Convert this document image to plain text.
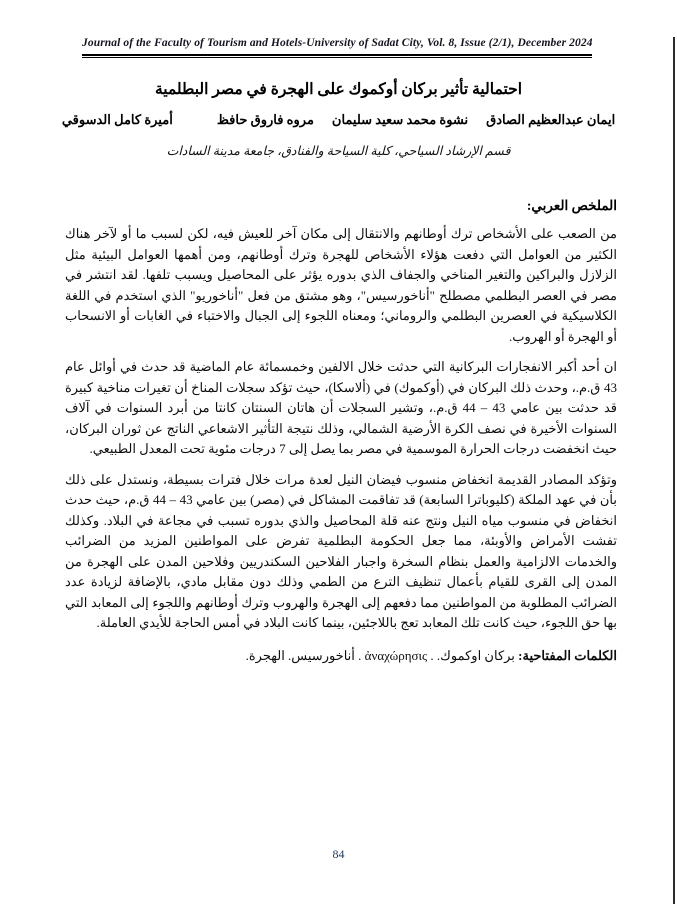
Journal of the Faculty of Tourism and Hotels-University of Sadat City, Vol. 8, Issue (2/1), December 2024
احتمالية تأثير بركان أوكموك على الهجرة في مصر البطلمية
ايمان عبدالعظيم الصادق
نشوة محمد سعيد سليمان
مروه فاروق حافظ
أميرة كامل الدسوقي
قسم الإرشاد السياحي، كلية السياحة والفنادق، جامعة مدينة السادات
الملخص العربي:

من الصعب على الأشخاص ترك أوطانهم والانتقال إلى مكان آخر للعيش فيه، لكن لسبب ما أو لآخر هناك الكثير من العوامل التي دفعت هؤلاء الأشخاص للهجرة وترك أوطانهم، ومن أهمها العوامل البيئية مثل الزلازل والبراكين والتغير المناخي والجفاف الذي بدوره يؤثر على المحاصيل ويسبب تلفها. لقد انتشر في مصر في العصر البطلمي مصطلح "أناخورسيس"، وهو مشتق من فعل "أناخوريو" الذي استخدم في اللغة الكلاسيكية في العصرين البطلمي والروماني؛ ومعناه اللجوء إلى الجبال والاختباء في الغابات أو الانسحاب أو الهجرة أو الهروب.

ان أحد أكبر الانفجارات البركانية التي حدثت خلال الالفين وخمسمائة عام الماضية قد حدث في أوائل عام 43 ق.م.، وحدث ذلك البركان في (أوكموك) في (ألاسكا)، حيث تؤكد سجلات المناخ أن تغيرات مناخية كبيرة قد حدثت بين عامي 43 – 44 ق.م.، وتشير السجلات أن هاتان السنتان كانتا من أبرد السنوات في آلاف السنوات الأخيرة في نصف الكرة الأرضية الشمالي، وذلك نتيجة التأثير الاشعاعي الناتج عن ثوران البركان، حيث انخفضت درجات الحرارة الموسمية في مصر بما يصل إلى 7 درجات مئوية تحت المعدل الطبيعي.

وتؤكد المصادر القديمة انخفاض منسوب فيضان النيل لعدة مرات خلال فترات بسيطة، ونستدل على ذلك بأن في عهد الملكة (كليوباترا السابعة) قد تفاقمت المشاكل في (مصر) بين عامي 43 – 44 ق.م، حيث حدث انخفاض في منسوب مياه النيل ونتج عنه قلة المحاصيل والذي بدوره تسبب في مجاعة في البلاد. وكذلك تفشت الأمراض والأوبئة، مما جعل الحكومة البطلمية تفرض على المواطنين المزيد من الضرائب والخدمات الالزامية والعمل بنظام السخرة واجبار الفلاحين السكندريين وفلاحين المدن على الهجرة من المدن إلى القرى للقيام بأعمال تنظيف الترع من الطمي وذلك دون مقابل مادي، بالإضافة لزيادة عدد الضرائب المطلوبة من المواطنين مما دفعهم إلى الهجرة والهروب وترك أوطانهم واللجوء إلى المعابد التي بها حق اللجوء، حيث كانت تلك المعابد تعج باللاجئين، بينما كانت البلاد في أمس الحاجة للأيدي العاملة.

الكلمات المفتاحية: بركان اوكموك. . ἀναχώρησις . أناخورسيس. الهجرة.
84
